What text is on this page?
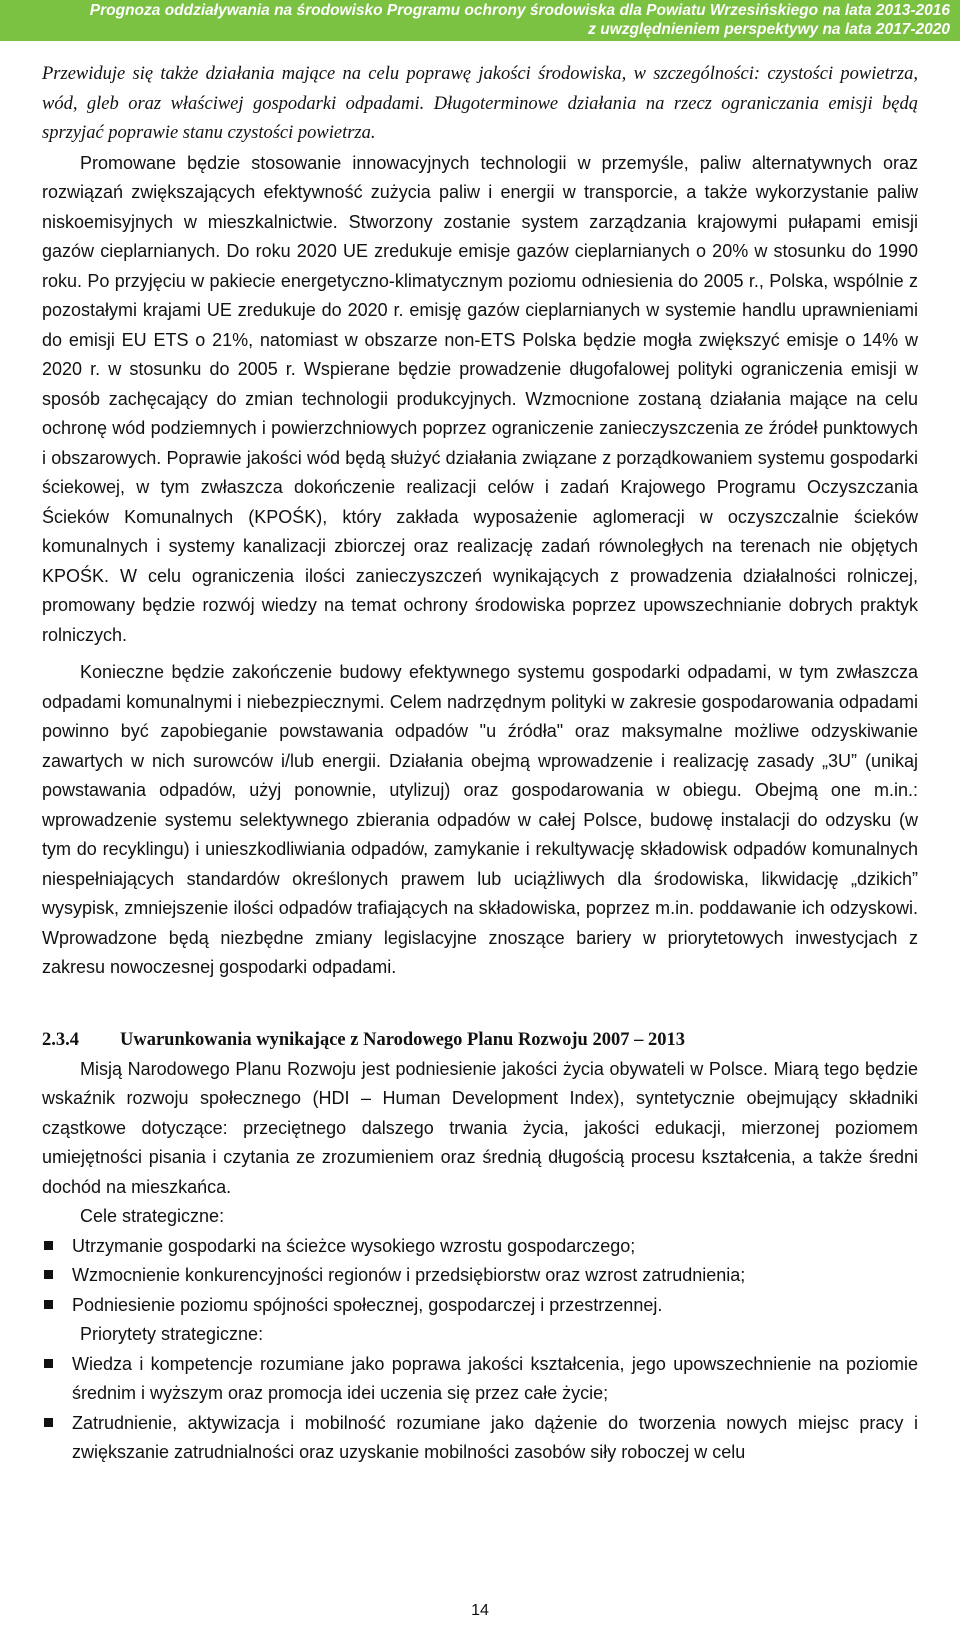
Prognoza oddziaływania na środowisko Programu ochrony środowiska dla Powiatu Wrzesińskiego na lata 2013-2016
z uwzględnieniem perspektywy na lata 2017-2020

Przewiduje się także działania mające na celu poprawę jakości środowiska, w szczególności: czystości powietrza, wód, gleb oraz właściwej gospodarki odpadami. Długoterminowe działania na rzecz ograniczania emisji będą sprzyjać poprawie stanu czystości powietrza.

Promowane będzie stosowanie innowacyjnych technologii w przemyśle, paliw alternatywnych oraz rozwiązań zwiększających efektywność zużycia paliw i energii w transporcie, a także wykorzystanie paliw niskoemisyjnych w mieszkalnictwie. Stworzony zostanie system zarządzania krajowymi pułapami emisji gazów cieplarnianych. Do roku 2020 UE zredukuje emisje gazów cieplarnianych o 20% w stosunku do 1990 roku. Po przyjęciu w pakiecie energetyczno-klimatycznym poziomu odniesienia do 2005 r., Polska, wspólnie z pozostałymi krajami UE zredukuje do 2020 r. emisję gazów cieplarnianych w systemie handlu uprawnieniami do emisji EU ETS o 21%, natomiast w obszarze non-ETS Polska będzie mogła zwiększyć emisje o 14% w 2020 r. w stosunku do 2005 r. Wspierane będzie prowadzenie długofalowej polityki ograniczenia emisji w sposób zachęcający do zmian technologii produkcyjnych. Wzmocnione zostaną działania mające na celu ochronę wód podziemnych i powierzchniowych poprzez ograniczenie zanieczyszczenia ze źródeł punktowych i obszarowych. Poprawie jakości wód będą służyć działania związane z porządkowaniem systemu gospodarki ściekowej, w tym zwłaszcza dokończenie realizacji celów i zadań Krajowego Programu Oczyszczania Ścieków Komunalnych (KPOŚK), który zakłada wyposażenie aglomeracji w oczyszczalnie ścieków komunalnych i systemy kanalizacji zbiorczej oraz realizację zadań równoległych na terenach nie objętych KPOŚK. W celu ograniczenia ilości zanieczyszczeń wynikających z prowadzenia działalności rolniczej, promowany będzie rozwój wiedzy na temat ochrony środowiska poprzez upowszechnianie dobrych praktyk rolniczych.

Konieczne będzie zakończenie budowy efektywnego systemu gospodarki odpadami, w tym zwłaszcza odpadami komunalnymi i niebezpiecznymi. Celem nadrzędnym polityki w zakresie gospodarowania odpadami powinno być zapobieganie powstawania odpadów "u źródła" oraz maksymalne możliwe odzyskiwanie zawartych w nich surowców i/lub energii. Działania obejmą wprowadzenie i realizację zasady „3U” (unikaj powstawania odpadów, użyj ponownie, utylizuj) oraz gospodarowania w obiegu. Obejmą one m.in.: wprowadzenie systemu selektywnego zbierania odpadów w całej Polsce, budowę instalacji do odzysku (w tym do recyklingu) i unieszkodliwiania odpadów, zamykanie i rekultywację składowisk odpadów komunalnych niespełniających standardów określonych prawem lub uciążliwych dla środowiska, likwidację „dzikich” wysypisk, zmniejszenie ilości odpadów trafiających na składowiska, poprzez m.in. poddawanie ich odzyskowi. Wprowadzone będą niezbędne zmiany legislacyjne znoszące bariery w priorytetowych inwestycjach z zakresu nowoczesnej gospodarki odpadami.

2.3.4 Uwarunkowania wynikające z Narodowego Planu Rozwoju 2007 – 2013

Misją Narodowego Planu Rozwoju jest podniesienie jakości życia obywateli w Polsce. Miarą tego będzie wskaźnik rozwoju społecznego (HDI – Human Development Index), syntetycznie obejmujący składniki cząstkowe dotyczące: przeciętnego dalszego trwania życia, jakości edukacji, mierzonej poziomem umiejętności pisania i czytania ze zrozumieniem oraz średnią długością procesu kształcenia, a także średni dochód na mieszkańca.

Cele strategiczne:

Utrzymanie gospodarki na ścieżce wysokiego wzrostu gospodarczego;
Wzmocnienie konkurencyjności regionów i przedsiębiorstw oraz wzrost zatrudnienia;
Podniesienie poziomu spójności społecznej, gospodarczej i przestrzennej.

Priorytety strategiczne:

Wiedza i kompetencje rozumiane jako poprawa jakości kształcenia, jego upowszechnienie na poziomie średnim i wyższym oraz promocja idei uczenia się przez całe życie;
Zatrudnienie, aktywizacja i mobilność rozumiane jako dążenie do tworzenia nowych miejsc pracy i zwiększanie zatrudnialności oraz uzyskanie mobilności zasobów siły roboczej w celu
14
